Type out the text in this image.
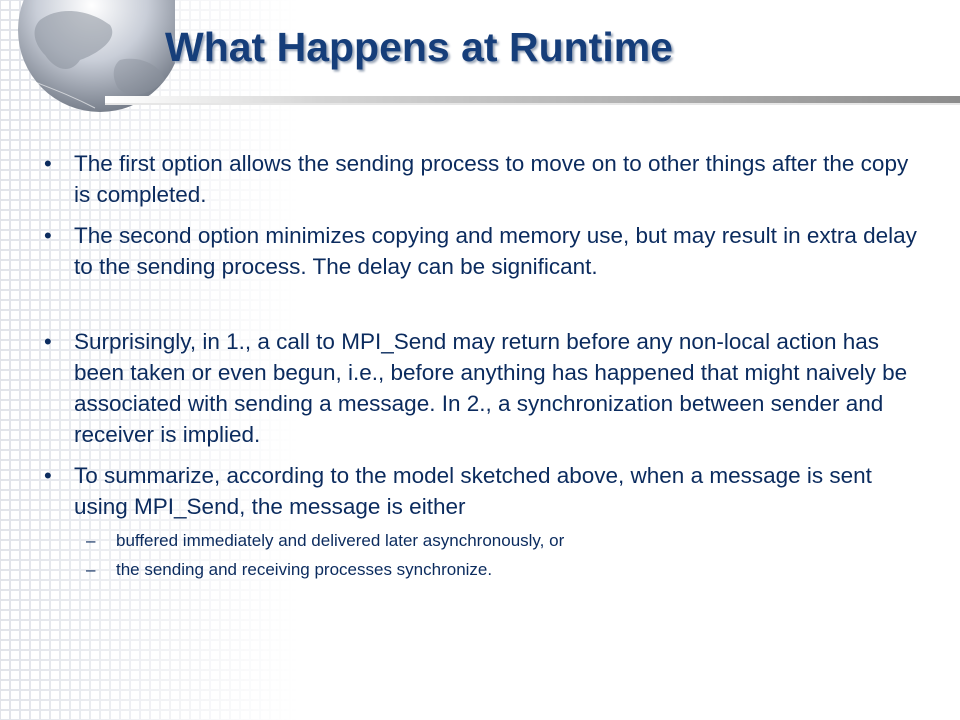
What Happens at Runtime
• The first option allows the sending process to move on to other things after the copy is completed.
• The second option minimizes copying and memory use, but may result in extra delay to the sending process. The delay can be significant.
• Surprisingly, in 1., a call to MPI_Send may return before any non-local action has been taken or even begun, i.e., before anything has happened that might naively be associated with sending a message. In 2., a synchronization between sender and receiver is implied.
• To summarize, according to the model sketched above, when a message is sent using MPI_Send, the message is either
– buffered immediately and delivered later asynchronously, or
– the sending and receiving processes synchronize.
